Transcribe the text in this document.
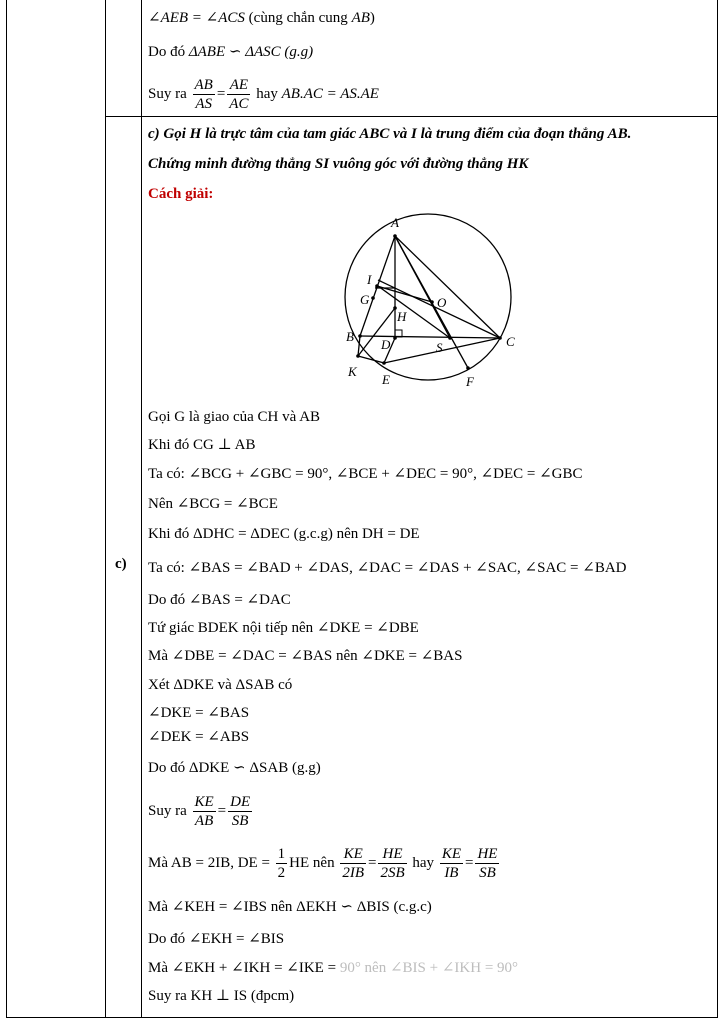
∠AEB = ∠ACS (cùng chắn cung AB)
Do đó ΔABE ∽ ΔASC (g.g)
Suy ra $\frac{AB}{AS} = \frac{AE}{AC}$ hay AB.AC = AS.AE
c)
c) Gọi H là trực tâm của tam giác ABC và I là trung điểm của đoạn thẳng AB.
Chứng minh đường thẳng SI vuông góc với đường thẳng HK
Cách giải:
A
I
G	O
H
B
D	S	C
K
E	F
Gọi G là giao của CH và AB
Khi đó CG ⊥ AB
Ta có: ∠BCG + ∠GBC = 90°, ∠BCE + ∠DEC = 90°, ∠DEC = ∠GBC
Nên ∠BCG = ∠BCE
Khi đó ΔDHC = ΔDEC (g.c.g) nên DH = DE
Ta có: ∠BAS = ∠BAD + ∠DAS, ∠DAC = ∠DAS + ∠SAC, ∠SAC = ∠BAD
Do đó ∠BAS = ∠DAC
Tứ giác BDEK nội tiếp nên ∠DKE = ∠DBE
Mà ∠DBE = ∠DAC = ∠BAS nên ∠DKE = ∠BAS
Xét ΔDKE và ΔSAB có
∠DKE = ∠BAS
∠DEK = ∠ABS
Do đó ΔDKE ∽ ΔSAB (g.g)
Suy ra $\frac{KE}{AB} = \frac{DE}{SB}$
Mà AB = 2IB, DE = $\frac{1}{2}$ HE nên $\frac{KE}{2IB} = \frac{HE}{2SB}$ hay $\frac{KE}{IB} = \frac{HE}{SB}$
Mà ∠KEH = ∠IBS nên ΔEKH ∽ ΔBIS (c.g.c)
Do đó ∠EKH = ∠BIS
Mà ∠EKH + ∠IKH = ∠IKE = 90° nên ∠BIS + ∠IKH = 90°
Suy ra KH ⊥ IS (đpcm)
